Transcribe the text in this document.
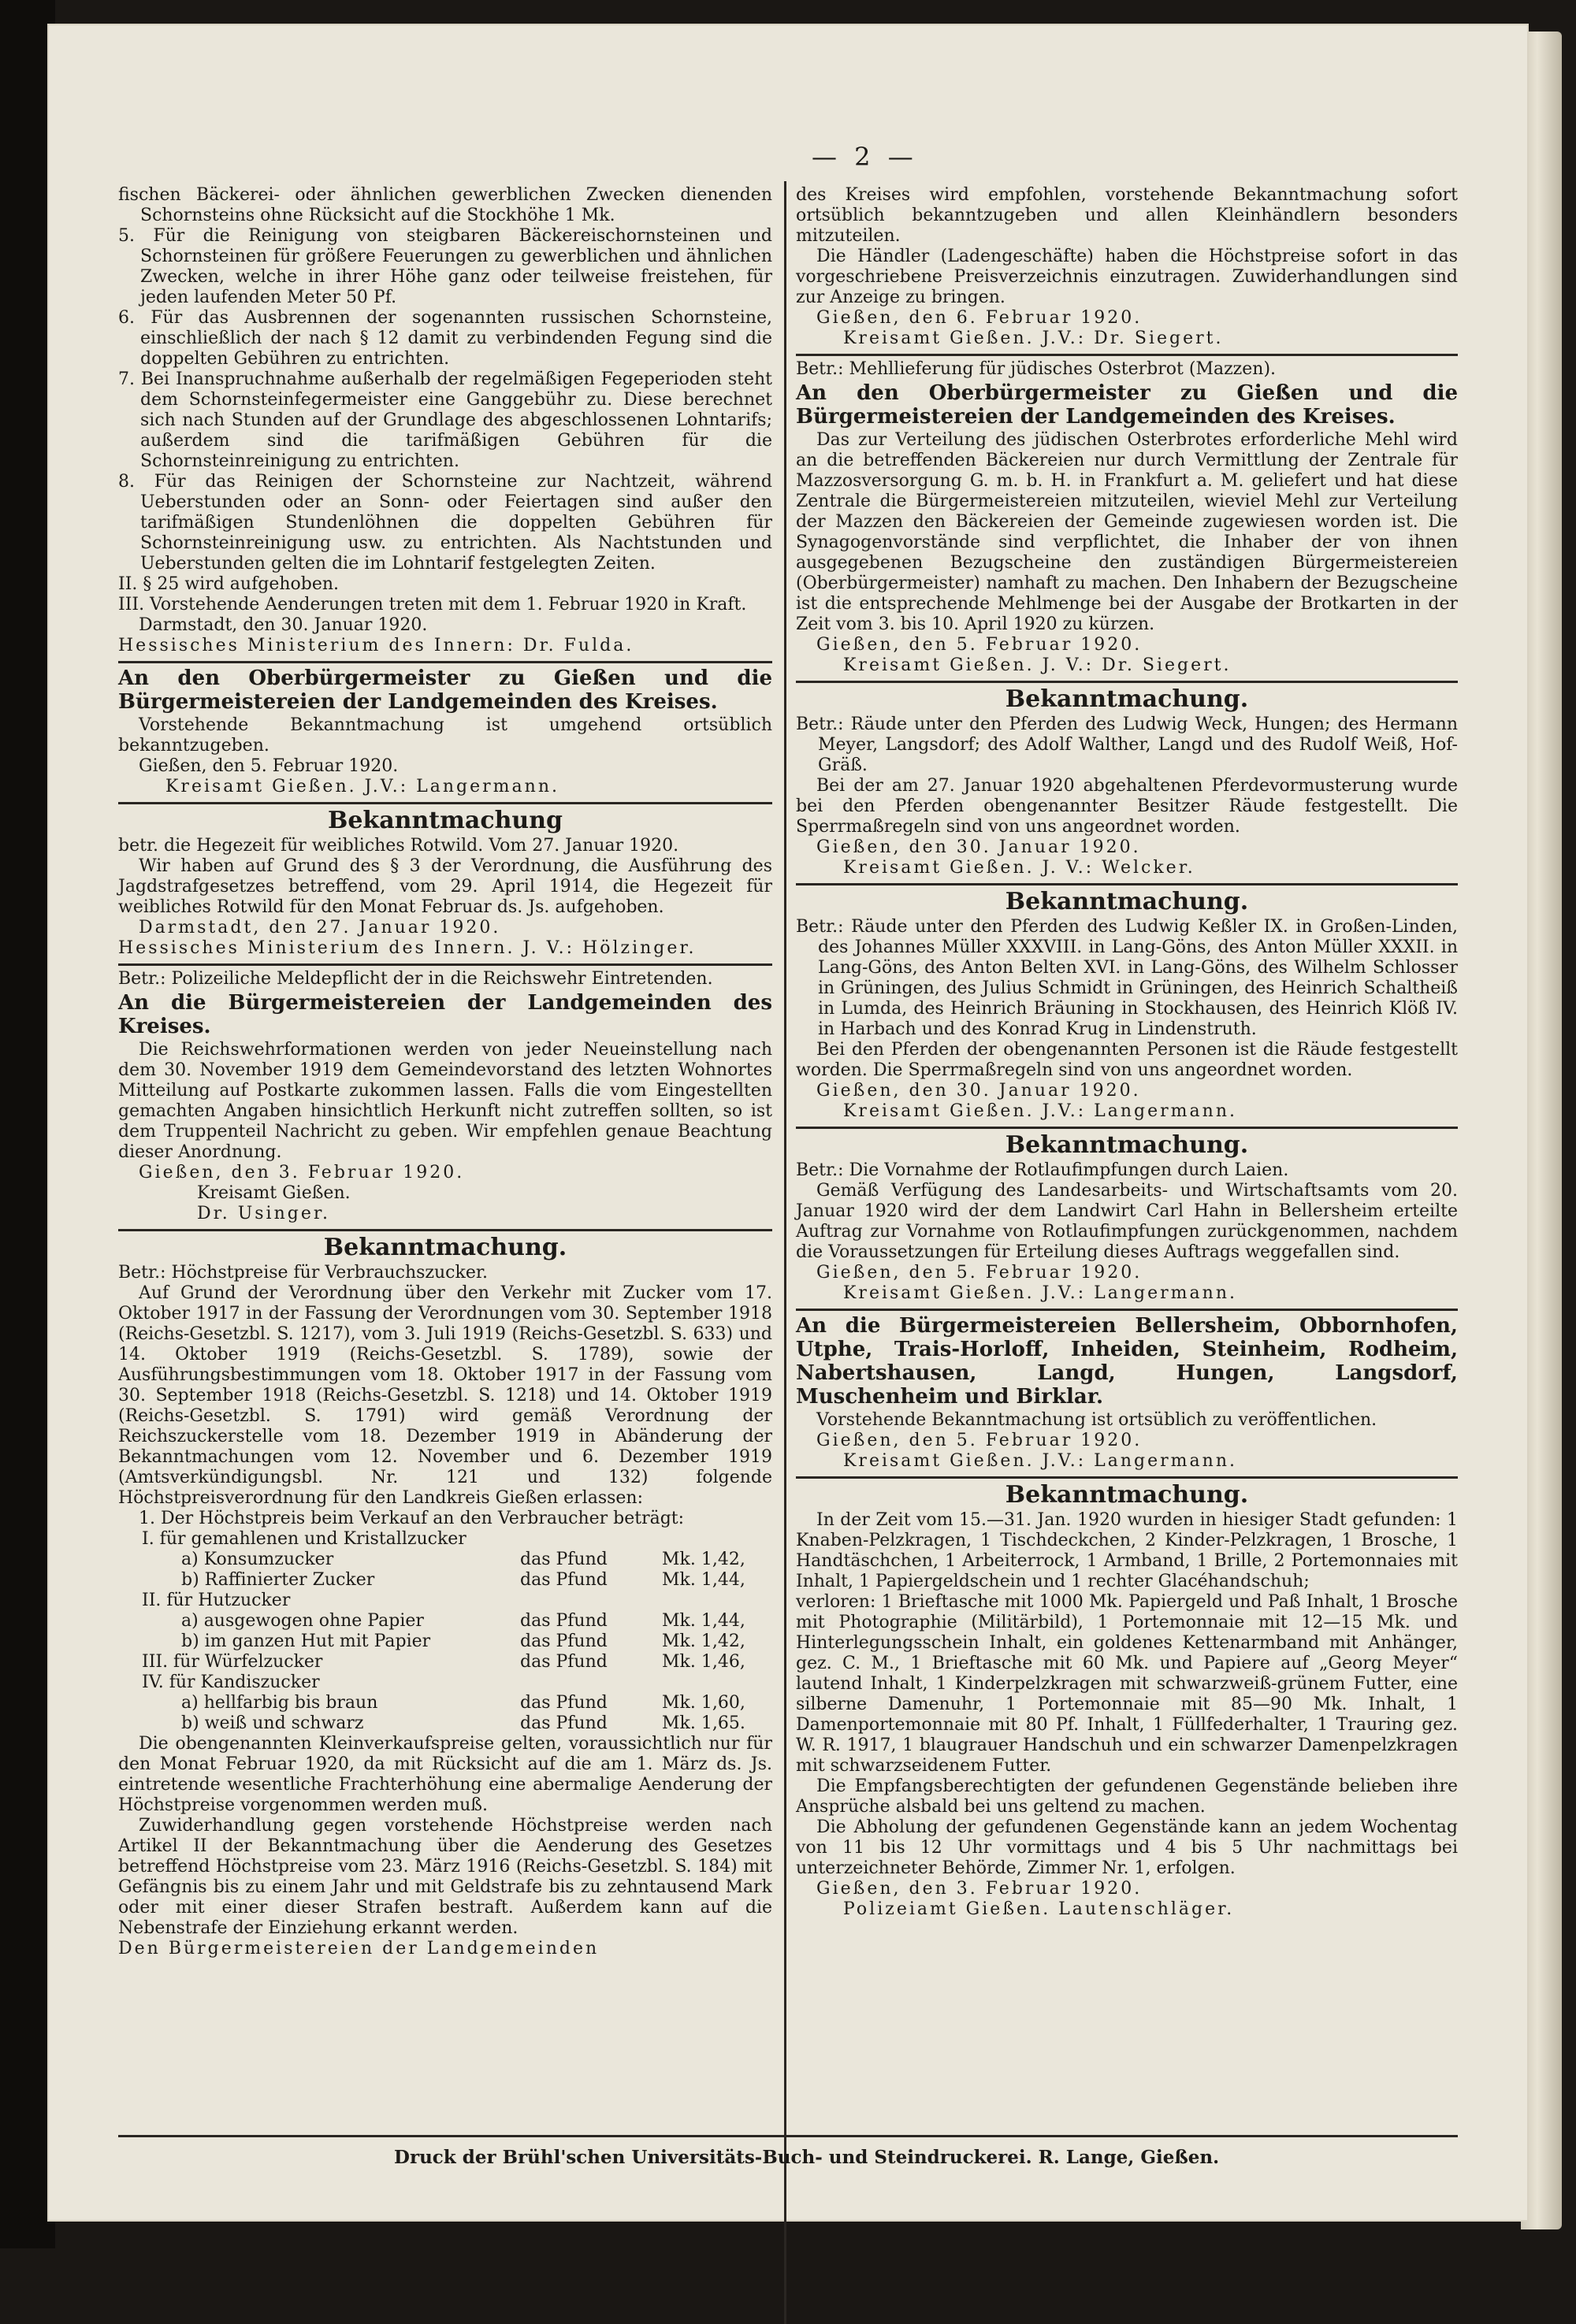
— 2 —

fischen Bäckerei- oder ähnlichen gewerblichen Zwecken dienenden Schornsteins ohne Rücksicht auf die Stockhöhe 1 Mk.

5. Für die Reinigung von steigbaren Bäckereischornsteinen und Schornsteinen für größere Feuerungen zu gewerblichen und ähnlichen Zwecken, welche in ihrer Höhe ganz oder teilweise freistehen, für jeden laufenden Meter 50 Pf.

6. Für das Ausbrennen der sogenannten russischen Schornsteine, einschließlich der nach § 12 damit zu verbindenden Fegung sind die doppelten Gebühren zu entrichten.

7. Bei Inanspruchnahme außerhalb der regelmäßigen Fegeperioden steht dem Schornsteinfegermeister eine Ganggebühr zu. Diese berechnet sich nach Stunden auf der Grundlage des abgeschlossenen Lohntarifs; außerdem sind die tarifmäßigen Gebühren für die Schornsteinreinigung zu entrichten.

8. Für das Reinigen der Schornsteine zur Nachtzeit, während Ueberstunden oder an Sonn- oder Feiertagen sind außer den tarifmäßigen Stundenlöhnen die doppelten Gebühren für Schornsteinreinigung usw. zu entrichten. Als Nachtstunden und Ueberstunden gelten die im Lohntarif festgelegten Zeiten.

II. § 25 wird aufgehoben.

III. Vorstehende Aenderungen treten mit dem 1. Februar 1920 in Kraft.

Darmstadt, den 30. Januar 1920.

Hessisches Ministerium des Innern: Dr. Fulda.

An den Oberbürgermeister zu Gießen und die Bürgermeistereien der Landgemeinden des Kreises.

Vorstehende Bekanntmachung ist umgehend ortsüblich bekanntzugeben.

Gießen, den 5. Februar 1920.

Kreisamt Gießen. J.V.: Langermann.

Bekanntmachung

betr. die Hegezeit für weibliches Rotwild. Vom 27. Januar 1920.

Wir haben auf Grund des § 3 der Verordnung, die Ausführung des Jagdstrafgesetzes betreffend, vom 29. April 1914, die Hegezeit für weibliches Rotwild für den Monat Februar ds. Js. aufgehoben.

Darmstadt, den 27. Januar 1920.

Hessisches Ministerium des Innern. J. V.: Hölzinger.

Betr.: Polizeiliche Meldepflicht der in die Reichswehr Eintretenden.

An die Bürgermeistereien der Landgemeinden des Kreises.

Die Reichswehrformationen werden von jeder Neueinstellung nach dem 30. November 1919 dem Gemeindevorstand des letzten Wohnortes Mitteilung auf Postkarte zukommen lassen. Falls die vom Eingestellten gemachten Angaben hinsichtlich Herkunft nicht zutreffen sollten, so ist dem Truppenteil Nachricht zu geben. Wir empfehlen genaue Beachtung dieser Anordnung.

Gießen, den 3. Februar 1920.

Kreisamt Gießen.

Dr. Usinger.

Bekanntmachung.

Betr.: Höchstpreise für Verbrauchszucker.

Auf Grund der Verordnung über den Verkehr mit Zucker vom 17. Oktober 1917 in der Fassung der Verordnungen vom 30. September 1918 (Reichs-Gesetzbl. S. 1217), vom 3. Juli 1919 (Reichs-Gesetzbl. S. 633) und 14. Oktober 1919 (Reichs-Gesetzbl. S. 1789), sowie der Ausführungsbestimmungen vom 18. Oktober 1917 in der Fassung vom 30. September 1918 (Reichs-Gesetzbl. S. 1218) und 14. Oktober 1919 (Reichs-Gesetzbl. S. 1791) wird gemäß Verordnung der Reichszuckerstelle vom 18. Dezember 1919 in Abänderung der Bekanntmachungen vom 12. November und 6. Dezember 1919 (Amtsverkündigungsbl. Nr. 121 und 132) folgende Höchstpreisverordnung für den Landkreis Gießen erlassen:

1. Der Höchstpreis beim Verkauf an den Verbraucher beträgt:

I. für gemahlenen und Kristallzucker		
a) Konsumzucker	das Pfund	Mk. 1,42,
b) Raffinierter Zucker	das Pfund	Mk. 1,44,
II. für Hutzucker		
a) ausgewogen ohne Papier	das Pfund	Mk. 1,44,
b) im ganzen Hut mit Papier	das Pfund	Mk. 1,42,
III. für Würfelzucker	das Pfund	Mk. 1,46,
IV. für Kandiszucker		
a) hellfarbig bis braun	das Pfund	Mk. 1,60,
b) weiß und schwarz	das Pfund	Mk. 1,65.

Die obengenannten Kleinverkaufspreise gelten, voraussichtlich nur für den Monat Februar 1920, da mit Rücksicht auf die am 1. März ds. Js. eintretende wesentliche Frachterhöhung eine abermalige Aenderung der Höchstpreise vorgenommen werden muß.

Zuwiderhandlung gegen vorstehende Höchstpreise werden nach Artikel II der Bekanntmachung über die Aenderung des Gesetzes betreffend Höchstpreise vom 23. März 1916 (Reichs-Gesetzbl. S. 184) mit Gefängnis bis zu einem Jahr und mit Geldstrafe bis zu zehntausend Mark oder mit einer dieser Strafen bestraft. Außerdem kann auf die Nebenstrafe der Einziehung erkannt werden.

Den Bürgermeistereien der Landgemeinden

des Kreises wird empfohlen, vorstehende Bekanntmachung sofort ortsüblich bekanntzugeben und allen Kleinhändlern besonders mitzuteilen.

Die Händler (Ladengeschäfte) haben die Höchstpreise sofort in das vorgeschriebene Preisverzeichnis einzutragen. Zuwiderhandlungen sind zur Anzeige zu bringen.

Gießen, den 6. Februar 1920.

Kreisamt Gießen. J.V.: Dr. Siegert.

Betr.: Mehllieferung für jüdisches Osterbrot (Mazzen).

An den Oberbürgermeister zu Gießen und die Bürgermeistereien der Landgemeinden des Kreises.

Das zur Verteilung des jüdischen Osterbrotes erforderliche Mehl wird an die betreffenden Bäckereien nur durch Vermittlung der Zentrale für Mazzosversorgung G. m. b. H. in Frankfurt a. M. geliefert und hat diese Zentrale die Bürgermeistereien mitzuteilen, wieviel Mehl zur Verteilung der Mazzen den Bäckereien der Gemeinde zugewiesen worden ist. Die Synagogenvorstände sind verpflichtet, die Inhaber der von ihnen ausgegebenen Bezugscheine den zuständigen Bürgermeistereien (Oberbürgermeister) namhaft zu machen. Den Inhabern der Bezugscheine ist die entsprechende Mehlmenge bei der Ausgabe der Brotkarten in der Zeit vom 3. bis 10. April 1920 zu kürzen.

Gießen, den 5. Februar 1920.

Kreisamt Gießen. J. V.: Dr. Siegert.

Bekanntmachung.

Betr.: Räude unter den Pferden des Ludwig Weck, Hungen; des Hermann Meyer, Langsdorf; des Adolf Walther, Langd und des Rudolf Weiß, Hof-Gräß.

Bei der am 27. Januar 1920 abgehaltenen Pferdevormusterung wurde bei den Pferden obengenannter Besitzer Räude festgestellt. Die Sperrmaßregeln sind von uns angeordnet worden.

Gießen, den 30. Januar 1920.

Kreisamt Gießen. J. V.: Welcker.

Bekanntmachung.

Betr.: Räude unter den Pferden des Ludwig Keßler IX. in Großen-Linden, des Johannes Müller XXXVIII. in Lang-Göns, des Anton Müller XXXII. in Lang-Göns, des Anton Belten XVI. in Lang-Göns, des Wilhelm Schlosser in Grüningen, des Julius Schmidt in Grüningen, des Heinrich Schaltheiß in Lumda, des Heinrich Bräuning in Stockhausen, des Heinrich Klöß IV. in Harbach und des Konrad Krug in Lindenstruth.

Bei den Pferden der obengenannten Personen ist die Räude festgestellt worden. Die Sperrmaßregeln sind von uns angeordnet worden.

Gießen, den 30. Januar 1920.

Kreisamt Gießen. J.V.: Langermann.

Bekanntmachung.

Betr.: Die Vornahme der Rotlaufimpfungen durch Laien.

Gemäß Verfügung des Landesarbeits- und Wirtschaftsamts vom 20. Januar 1920 wird der dem Landwirt Carl Hahn in Bellersheim erteilte Auftrag zur Vornahme von Rotlaufimpfungen zurückgenommen, nachdem die Voraussetzungen für Erteilung dieses Auftrags weggefallen sind.

Gießen, den 5. Februar 1920.

Kreisamt Gießen. J.V.: Langermann.

An die Bürgermeistereien Bellersheim, Obbornhofen, Utphe, Trais-Horloff, Inheiden, Steinheim, Rodheim, Nabertshausen, Langd, Hungen, Langsdorf, Muschenheim und Birklar.

Vorstehende Bekanntmachung ist ortsüblich zu veröffentlichen.

Gießen, den 5. Februar 1920.

Kreisamt Gießen. J.V.: Langermann.

Bekanntmachung.

In der Zeit vom 15.—31. Jan. 1920 wurden in hiesiger Stadt gefunden: 1 Knaben-Pelzkragen, 1 Tischdeckchen, 2 Kinder-Pelzkragen, 1 Brosche, 1 Handtäschchen, 1 Arbeiterrock, 1 Armband, 1 Brille, 2 Portemonnaies mit Inhalt, 1 Papiergeldschein und 1 rechter Glacéhandschuh;

verloren: 1 Brieftasche mit 1000 Mk. Papiergeld und Paß Inhalt, 1 Brosche mit Photographie (Militärbild), 1 Portemonnaie mit 12—15 Mk. und Hinterlegungsschein Inhalt, ein goldenes Kettenarmband mit Anhänger, gez. C. M., 1 Brieftasche mit 60 Mk. und Papiere auf „Georg Meyer“ lautend Inhalt, 1 Kinderpelzkragen mit schwarzweiß-grünem Futter, eine silberne Damenuhr, 1 Portemonnaie mit 85—90 Mk. Inhalt, 1 Damenportemonnaie mit 80 Pf. Inhalt, 1 Füllfederhalter, 1 Trauring gez. W. R. 1917, 1 blaugrauer Handschuh und ein schwarzer Damenpelzkragen mit schwarzseidenem Futter.

Die Empfangsberechtigten der gefundenen Gegenstände belieben ihre Ansprüche alsbald bei uns geltend zu machen.

Die Abholung der gefundenen Gegenstände kann an jedem Wochentag von 11 bis 12 Uhr vormittags und 4 bis 5 Uhr nachmittags bei unterzeichneter Behörde, Zimmer Nr. 1, erfolgen.

Gießen, den 3. Februar 1920.

Polizeiamt Gießen. Lautenschläger.

Druck der Brühl'schen Universitäts-Buch- und Steindruckerei. R. Lange, Gießen.
